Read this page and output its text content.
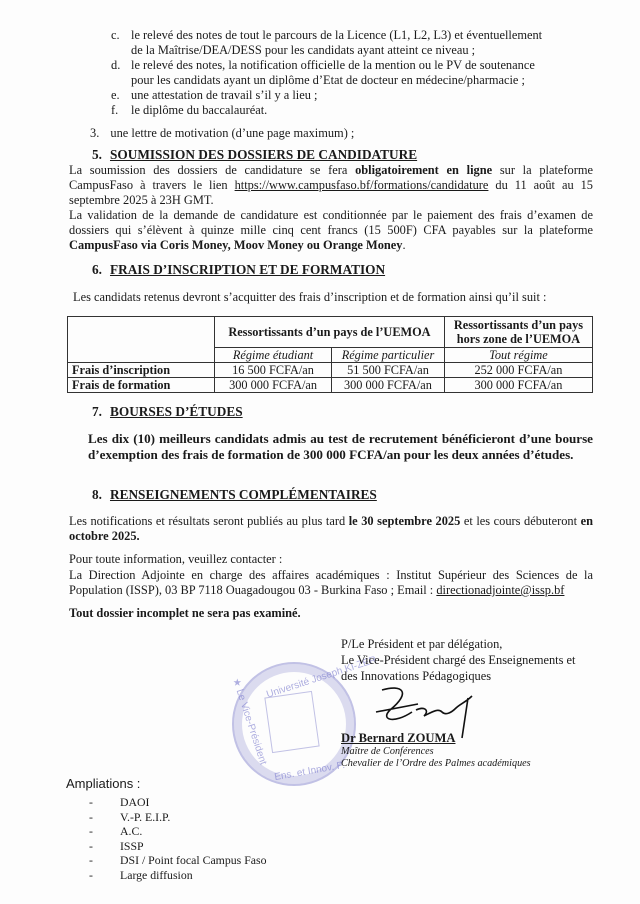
c. le relevé des notes de tout le parcours de la Licence (L1, L2, L3) et éventuellement
de la Maîtrise/DEA/DESS pour les candidats ayant atteint ce niveau ;
d. le relevé des notes, la notification officielle de la mention ou le PV de soutenance
pour les candidats ayant un diplôme d’Etat de docteur en médecine/pharmacie ;
e. une attestation de travail s’il y a lieu ;
f. le diplôme du baccalauréat.
3. une lettre de motivation (d’une page maximum) ;
5. SOUMISSION DES DOSSIERS DE CANDIDATURE
La soumission des dossiers de candidature se fera obligatoirement en ligne sur la plateforme CampusFaso à travers le lien https://www.campusfaso.bf/formations/candidature du 11 août au 15 septembre 2025 à 23H GMT.
La validation de la demande de candidature est conditionnée par le paiement des frais d’examen de dossiers qui s’élèvent à quinze mille cinq cent francs (15 500F) CFA payables sur la plateforme CampusFaso via Coris Money, Moov Money ou Orange Money.
6. FRAIS D’INSCRIPTION ET DE FORMATION
Les candidats retenus devront s’acquitter des frais d’inscription et de formation ainsi qu’il suit :
	Ressortissants d’un pays de l’UEMOA		Ressortissants d’un pays hors zone de l’UEMOA
	Régime étudiant	Régime particulier	Tout régime
Frais d’inscription	16 500 FCFA/an	51 500 FCFA/an	252 000 FCFA/an
Frais de formation	300 000 FCFA/an	300 000 FCFA/an	300 000 FCFA/an
7. BOURSES D’ÉTUDES
Les dix (10) meilleurs candidats admis au test de recrutement bénéficieront d’une bourse d’exemption des frais de formation de 300 000 FCFA/an pour les deux années d’études.
8. RENSEIGNEMENTS COMPLÉMENTAIRES
Les notifications et résultats seront publiés au plus tard le 30 septembre 2025 et les cours débuteront en octobre 2025.
Pour toute information, veuillez contacter :
La Direction Adjointe en charge des affaires académiques : Institut Supérieur des Sciences de la Population (ISSP), 03 BP 7118 Ouagadougou 03 - Burkina Faso ; Email : directionadjointe@issp.bf
Tout dossier incomplet ne sera pas examiné.
Université Joseph KI-ZER
★ Le Vice-Président
Ens. et Innov. P.
P/Le Président et par délégation,
Le Vice-Président chargé des Enseignements et
des Innovations Pédagogiques
Dr Bernard ZOUMA
Maître de Conférences
Chevalier de l’Ordre des Palmes académiques
Ampliations :
- DAOI
- V.-P. E.I.P.
- A.C.
- ISSP
- DSI / Point focal Campus Faso
- Large diffusion
